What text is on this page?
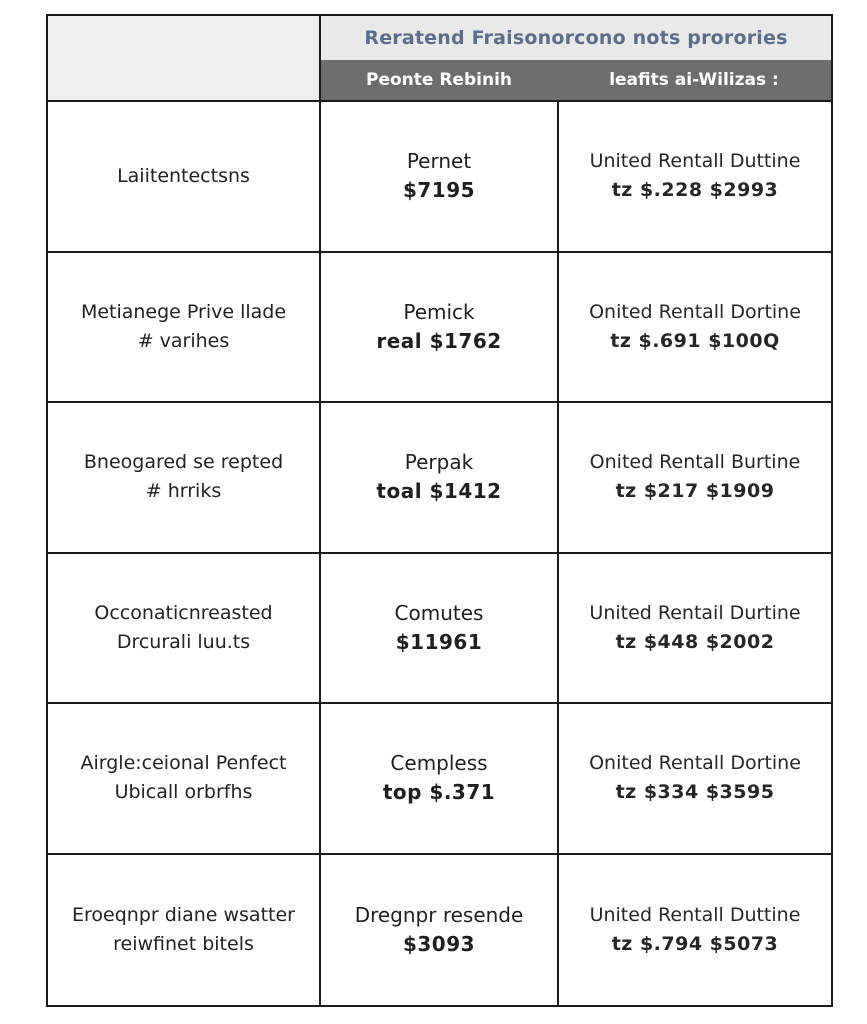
Reratend Fraisonorcono nots prorories
Peonte Rebinih	leafits ai-Wilizas :
Laiitentectsns
Pernet
$7195
United Rentall Duttine
tz $.228 $2993
Metianege Prive llade
# varihes
Pemick
real $1762
Onited Rentall Dortine
tz $.691 $100Q
Bneogared se repted
# hrriks
Perpak
toal $1412
Onited Rentall Burtine
tz $217 $1909
Occonaticnreasted
Drcurali luu.ts
Comutes
$11961
United Rentail Durtine
tz $448 $2002
Airgle:ceional Penfect
Ubicall orbrfhs
Cempless
top $.371
Onited Rentall Dortine
tz $334 $3595
Eroeqnpr diane wsatter
reiwfinet bitels
Dregnpr resende
$3093
United Rentall Duttine
tz $.794 $5073
